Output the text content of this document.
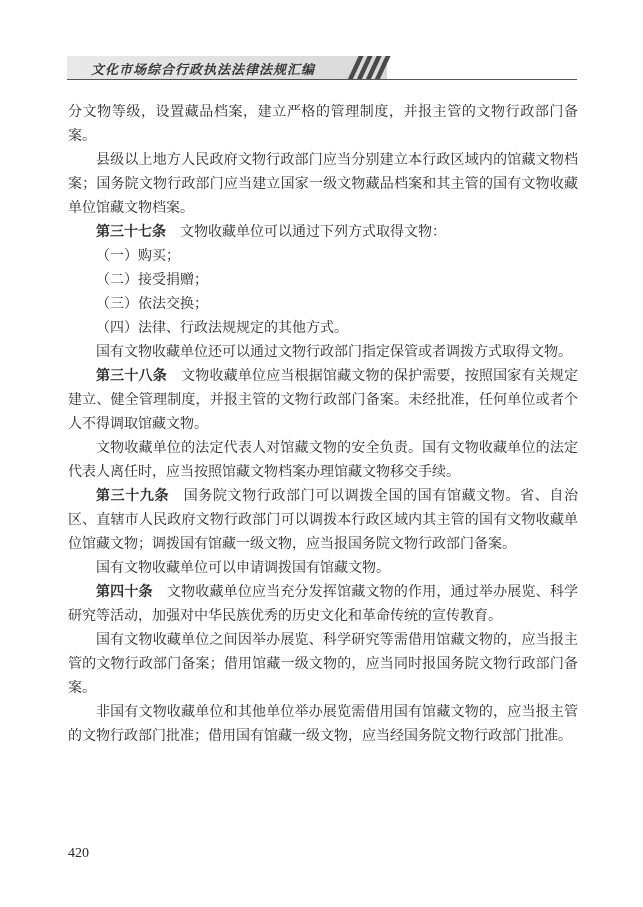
文化市场综合行政执法法律法规汇编

分文物等级，设置藏品档案，建立严格的管理制度，并报主管的文物行政部门备案。

县级以上地方人民政府文物行政部门应当分别建立本行政区域内的馆藏文物档案；国务院文物行政部门应当建立国家一级文物藏品档案和其主管的国有文物收藏单位馆藏文物档案。

第三十七条　文物收藏单位可以通过下列方式取得文物：

（一）购买；

（二）接受捐赠；

（三）依法交换；

（四）法律、行政法规规定的其他方式。

国有文物收藏单位还可以通过文物行政部门指定保管或者调拨方式取得文物。

第三十八条　文物收藏单位应当根据馆藏文物的保护需要，按照国家有关规定建立、健全管理制度，并报主管的文物行政部门备案。未经批准，任何单位或者个人不得调取馆藏文物。

文物收藏单位的法定代表人对馆藏文物的安全负责。国有文物收藏单位的法定代表人离任时，应当按照馆藏文物档案办理馆藏文物移交手续。

第三十九条　国务院文物行政部门可以调拨全国的国有馆藏文物。省、自治区、直辖市人民政府文物行政部门可以调拨本行政区域内其主管的国有文物收藏单位馆藏文物；调拨国有馆藏一级文物，应当报国务院文物行政部门备案。

国有文物收藏单位可以申请调拨国有馆藏文物。

第四十条　文物收藏单位应当充分发挥馆藏文物的作用，通过举办展览、科学研究等活动，加强对中华民族优秀的历史文化和革命传统的宣传教育。

国有文物收藏单位之间因举办展览、科学研究等需借用馆藏文物的，应当报主管的文物行政部门备案；借用馆藏一级文物的，应当同时报国务院文物行政部门备案。

非国有文物收藏单位和其他单位举办展览需借用国有馆藏文物的，应当报主管的文物行政部门批准；借用国有馆藏一级文物，应当经国务院文物行政部门批准。

420
